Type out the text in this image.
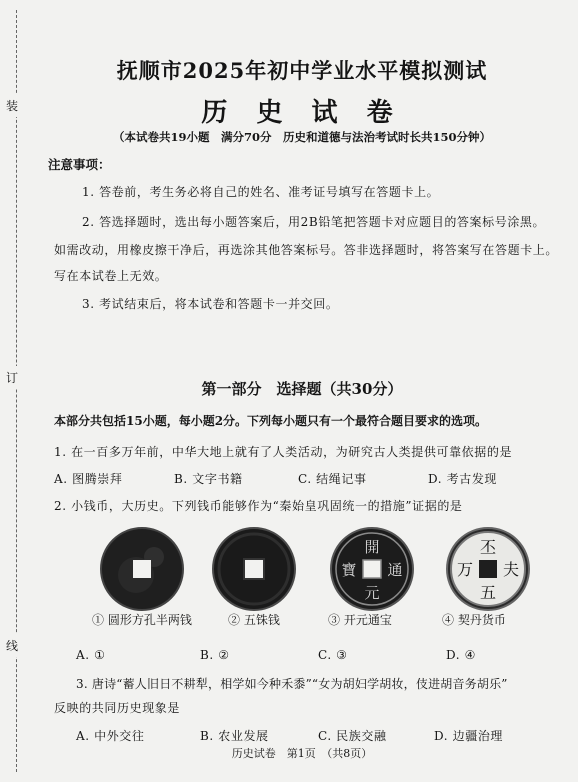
装
订
线
抚顺市2025年初中学业水平模拟测试
历 史 试 卷
（本试卷共19小题　满分70分　历史和道德与法治考试时长共150分钟）
注意事项：
1. 答卷前，考生务必将自己的姓名、准考证号填写在答题卡上。
2. 答选择题时，选出每小题答案后，用2B铅笔把答题卡对应题目的答案标号涂黑。
如需改动，用橡皮擦干净后，再选涂其他答案标号。答非选择题时，将答案写在答题卡上。
写在本试卷上无效。
3. 考试结束后，将本试卷和答题卡一并交回。
第一部分　选择题（共30分）
本部分共包括15小题，每小题2分。下列每小题只有一个最符合题目要求的选项。
1. 在一百多万年前，中华大地上就有了人类活动，为研究古人类提供可靠依据的是
A. 图腾崇拜	B. 文字书籍	C. 结绳记事	D. 考古发现
2. 小钱币，大历史。下列钱币能够作为“秦始皇巩固统一的措施”证据的是
開
元
通
寶
丕
夫
万
五
① 圆形方孔半两钱	② 五铢钱	③ 开元通宝	④ 契丹货币
A. ①	B. ②	C. ③	D. ④
3. 唐诗“蓄人旧日不耕犁，相学如今种禾黍”“女为胡妇学胡妆，伎进胡音务胡乐”
反映的共同历史现象是
A. 中外交往	B. 农业发展	C. 民族交融	D. 边疆治理
历史试卷　第1页　（共8页）
